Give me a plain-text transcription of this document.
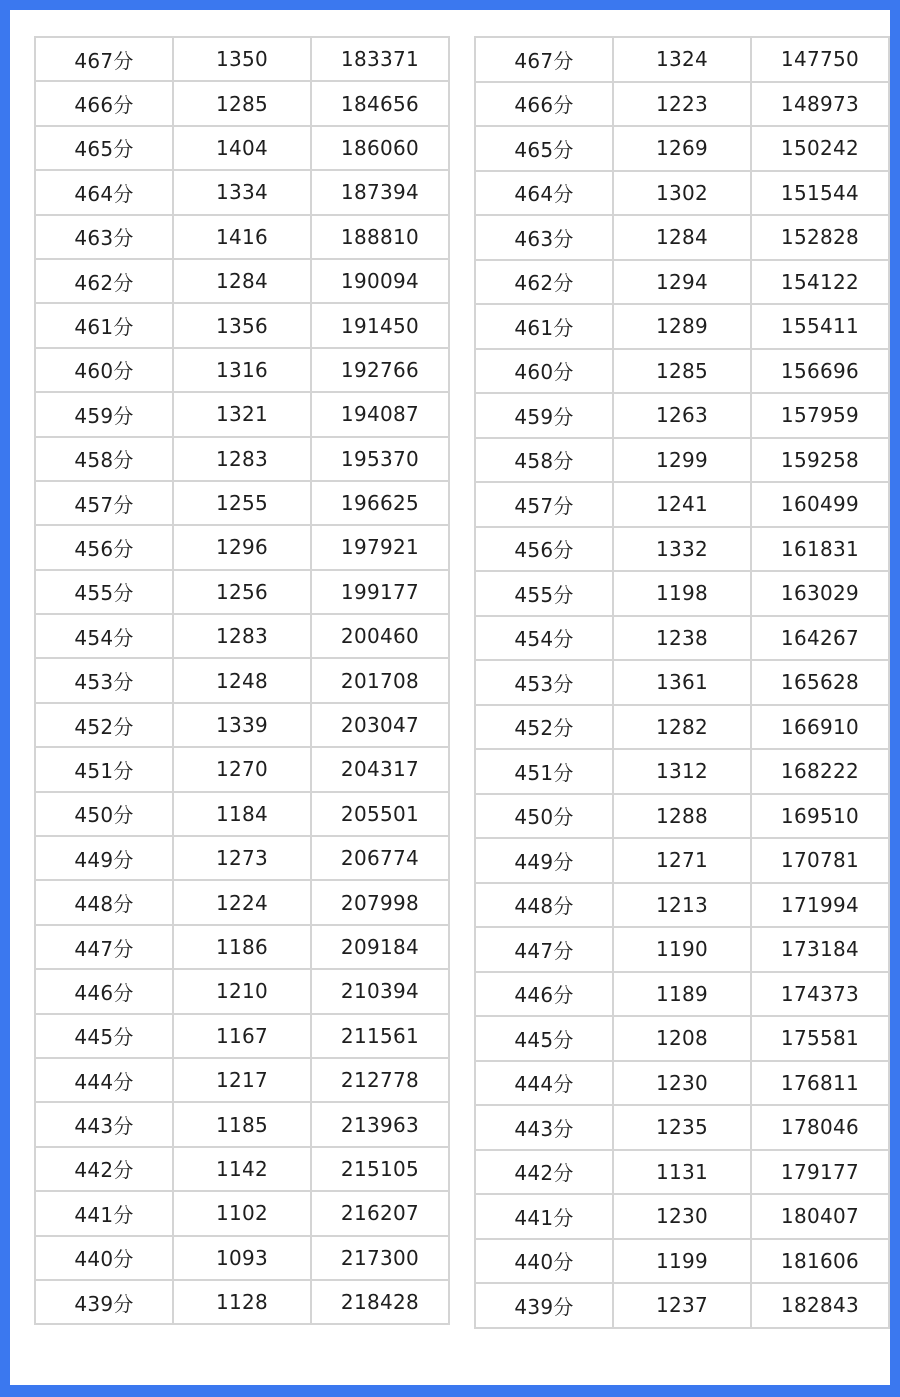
467分	1350	183371
466分	1285	184656
465分	1404	186060
464分	1334	187394
463分	1416	188810
462分	1284	190094
461分	1356	191450
460分	1316	192766
459分	1321	194087
458分	1283	195370
457分	1255	196625
456分	1296	197921
455分	1256	199177
454分	1283	200460
453分	1248	201708
452分	1339	203047
451分	1270	204317
450分	1184	205501
449分	1273	206774
448分	1224	207998
447分	1186	209184
446分	1210	210394
445分	1167	211561
444分	1217	212778
443分	1185	213963
442分	1142	215105
441分	1102	216207
440分	1093	217300
439分	1128	218428
467分	1324	147750
466分	1223	148973
465分	1269	150242
464分	1302	151544
463分	1284	152828
462分	1294	154122
461分	1289	155411
460分	1285	156696
459分	1263	157959
458分	1299	159258
457分	1241	160499
456分	1332	161831
455分	1198	163029
454分	1238	164267
453分	1361	165628
452分	1282	166910
451分	1312	168222
450分	1288	169510
449分	1271	170781
448分	1213	171994
447分	1190	173184
446分	1189	174373
445分	1208	175581
444分	1230	176811
443分	1235	178046
442分	1131	179177
441分	1230	180407
440分	1199	181606
439分	1237	182843
